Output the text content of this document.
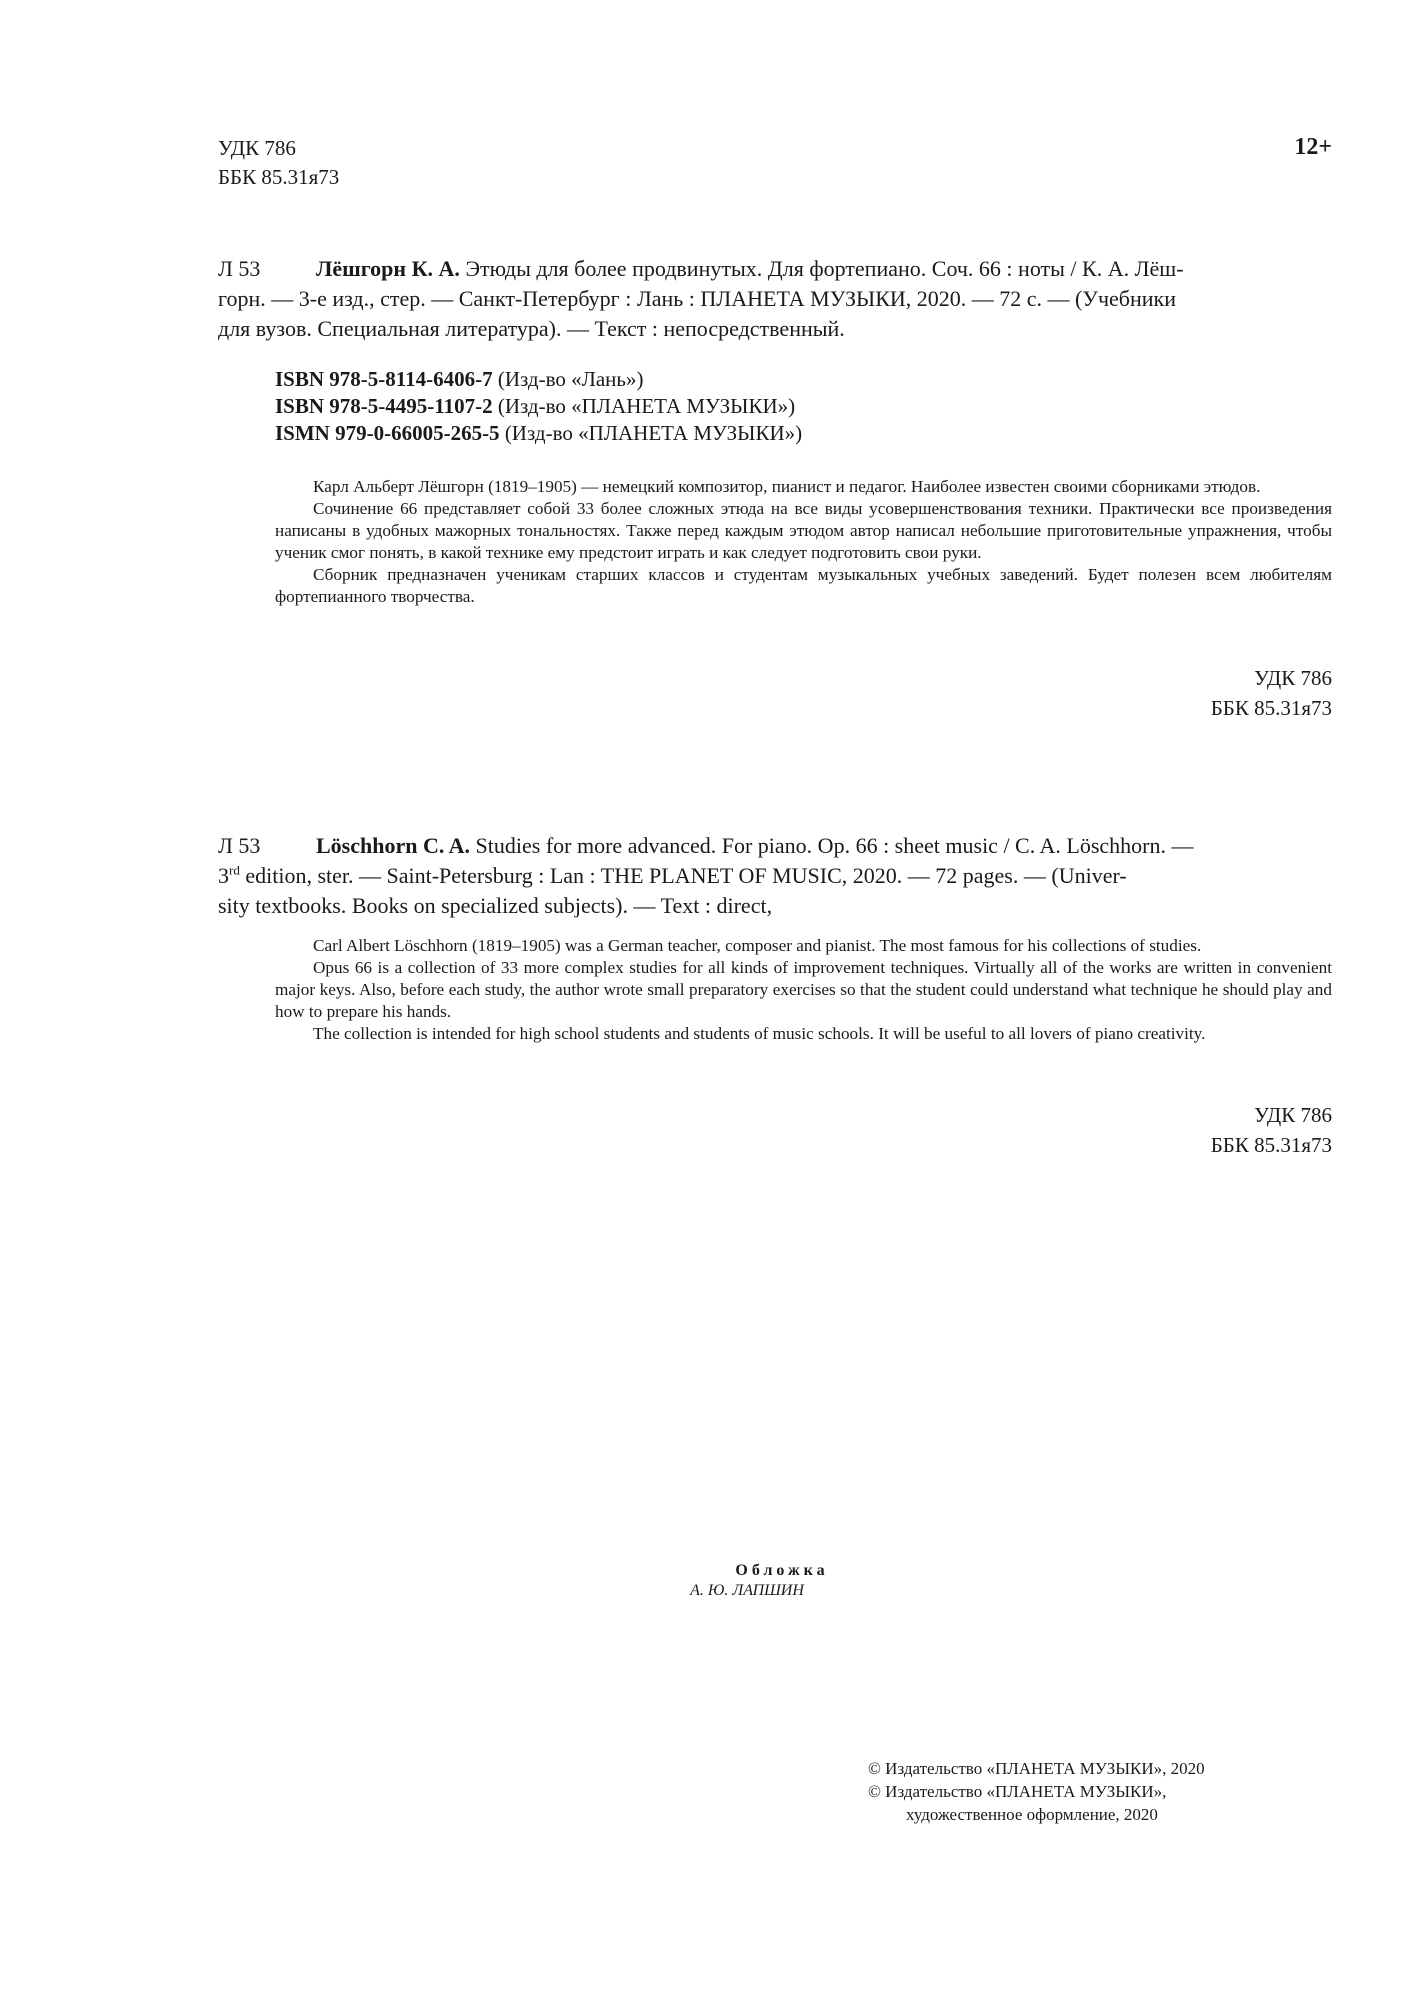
УДК 786
ББК 85.31я73
12+
Л 53	Лёшгорн К. А. Этюды для более продвинутых. Для фортепиано. Соч. 66 : ноты / К. А. Лёш-
горн. — 3-е изд., стер. — Санкт-Петербург : Лань : ПЛАНЕТА МУЗЫКИ, 2020. — 72 с. — (Учебники
для вузов. Специальная литература). — Текст : непосредственный.
ISBN 978-5-8114-6406-7 (Изд-во «Лань»)
ISBN 978-5-4495-1107-2 (Изд-во «ПЛАНЕТА МУЗЫКИ»)
ISMN 979-0-66005-265-5 (Изд-во «ПЛАНЕТА МУЗЫКИ»)

Карл Альберт Лёшгорн (1819–1905) — немецкий композитор, пианист и педагог. Наиболее известен своими сборниками этюдов.

Сочинение 66 представляет собой 33 более сложных этюда на все виды усовершенствования техники. Практически все произведения написаны в удобных мажорных тональностях. Также перед каждым этюдом автор написал небольшие приготовительные упражнения, чтобы ученик смог понять, в какой технике ему предстоит играть и как следует подготовить свои руки.

Сборник предназначен ученикам старших классов и студентам музыкальных учебных заведений. Будет полезен всем любителям фортепианного творчества.

УДК 786
ББК 85.31я73
Л 53	Löschhorn C. A. Studies for more advanced. For piano. Op. 66 : sheet music / C. A. Löschhorn. —
3rd edition, ster. — Saint-Petersburg : Lan : THE PLANET OF MUSIC, 2020. — 72 pages. — (Univer-
sity textbooks. Books on specialized subjects). — Text : direct,

Carl Albert Löschhorn (1819–1905) was a German teacher, composer and pianist. The most famous for his collections of studies.

Opus 66 is a collection of 33 more complex studies for all kinds of improvement techniques. Virtually all of the works are written in convenient major keys. Also, before each study, the author wrote small preparatory exercises so that the student could understand what technique he should play and how to prepare his hands.

The collection is intended for high school students and students of music schools. It will be useful to all lovers of piano creativity.

УДК 786
ББК 85.31я73
Обложка
А. Ю. ЛАПШИН
© Издательство «ПЛАНЕТА МУЗЫКИ», 2020
© Издательство «ПЛАНЕТА МУЗЫКИ»,
художественное оформление, 2020
